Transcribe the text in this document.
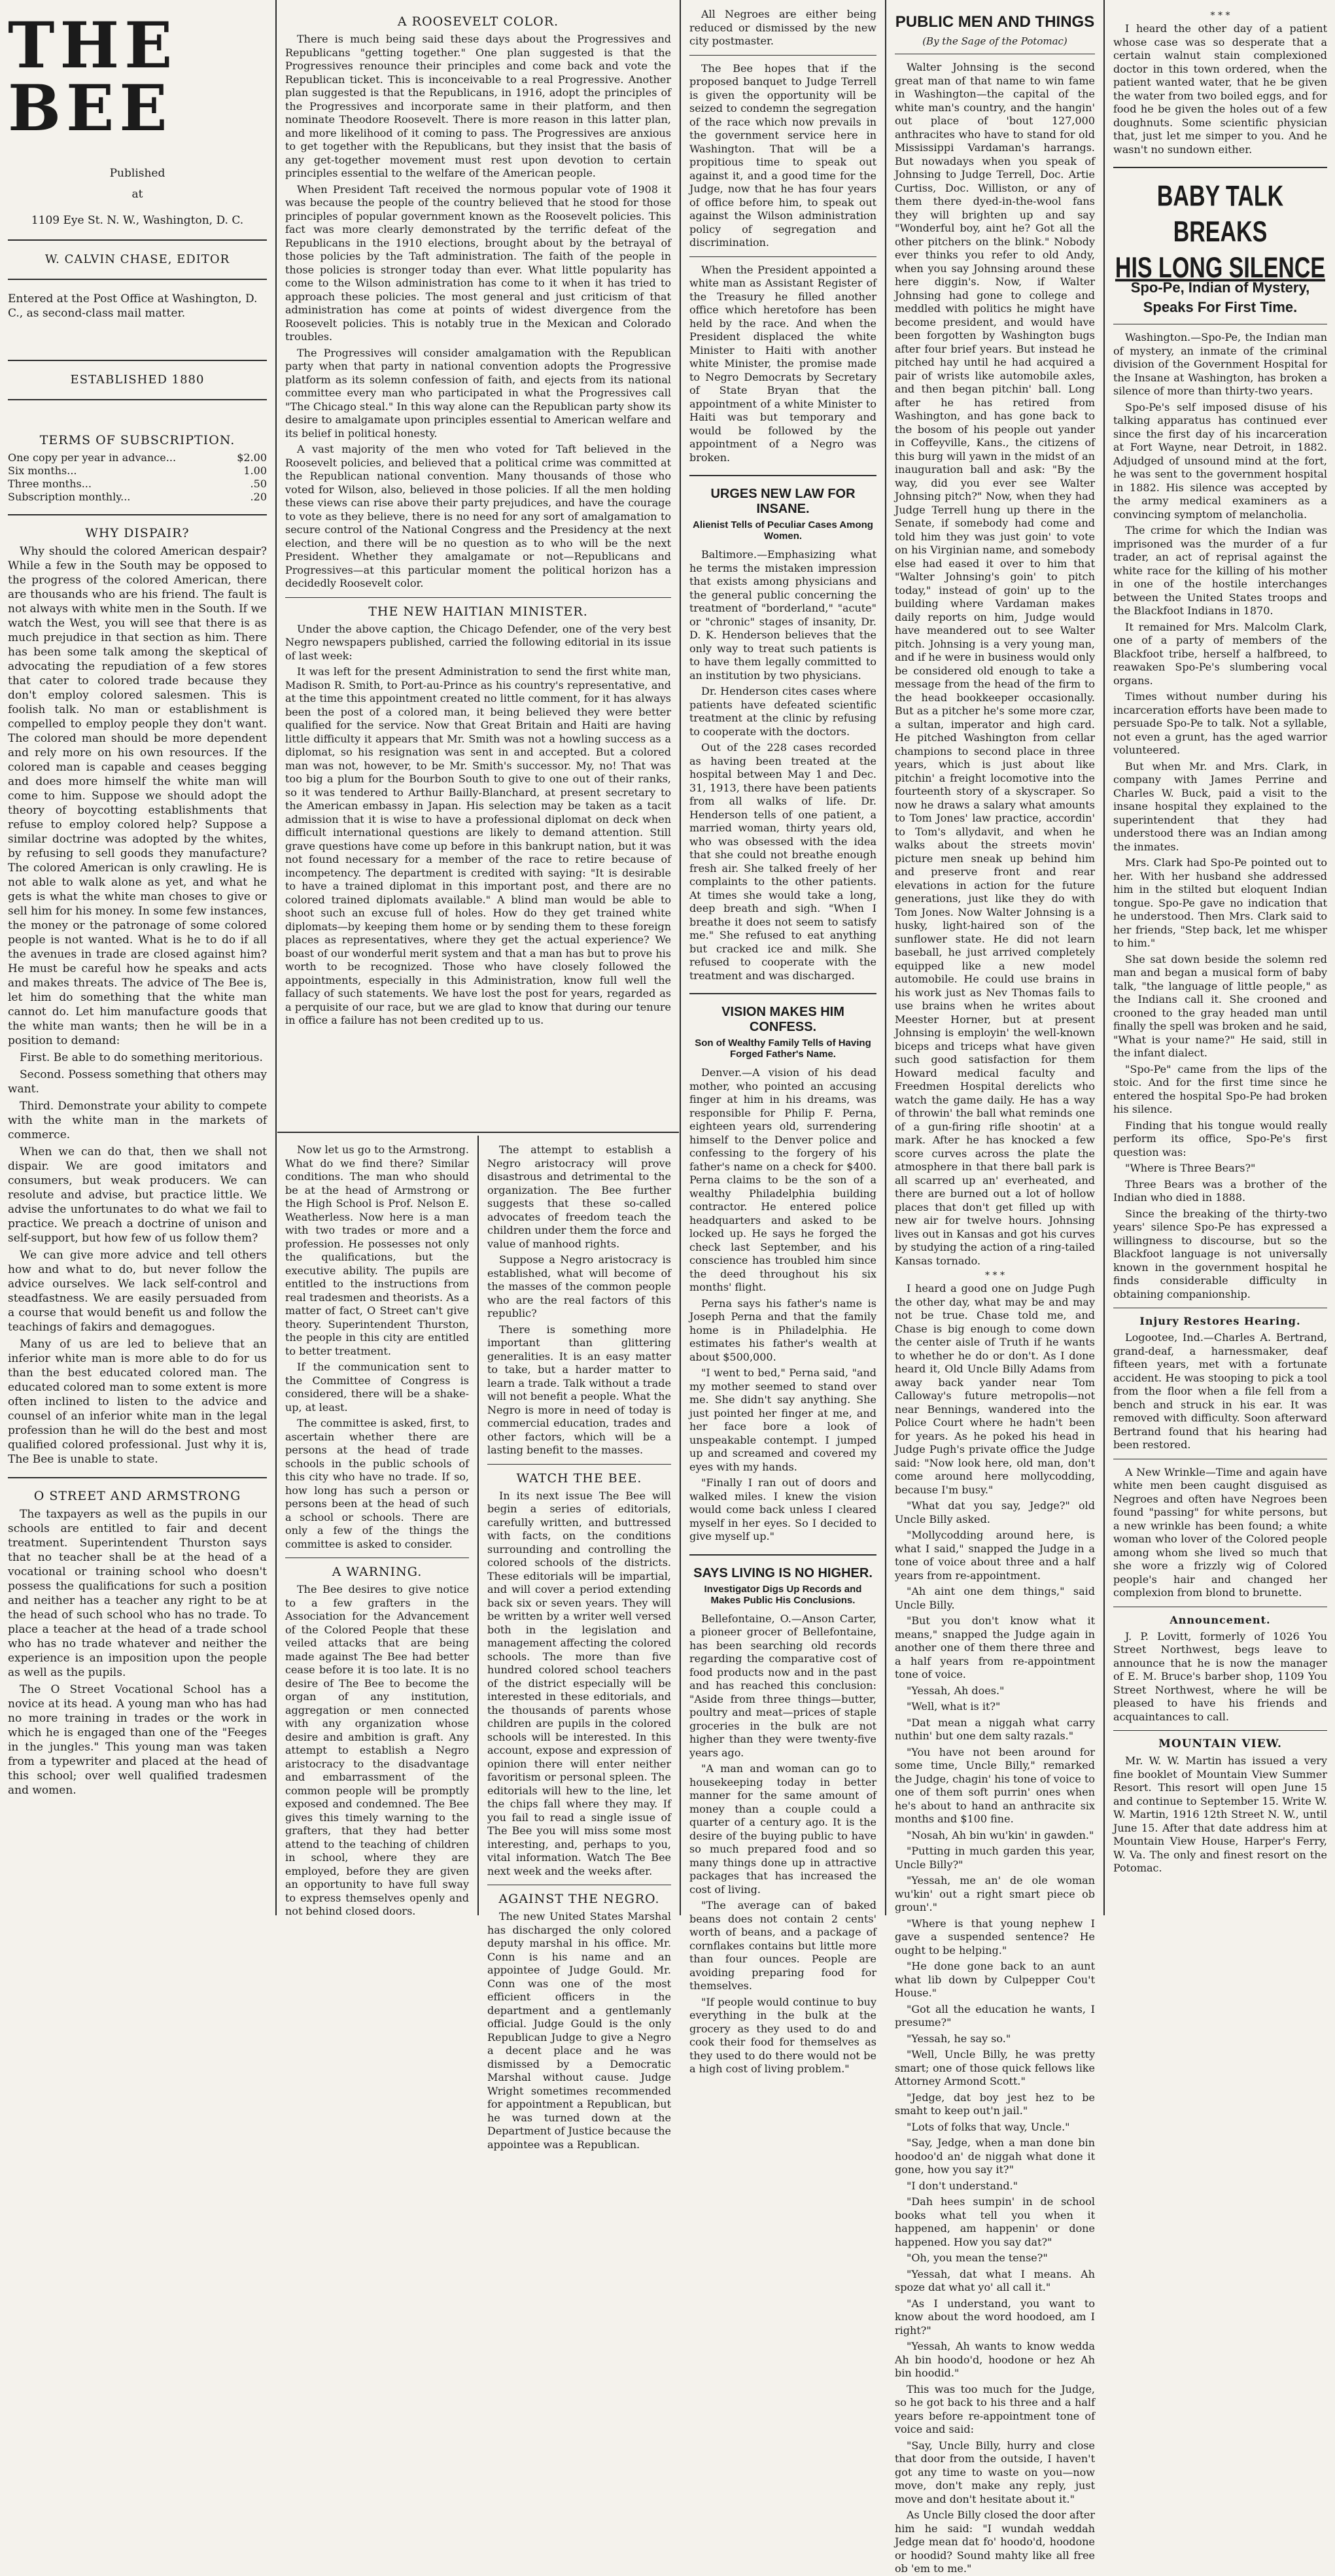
THE BEE
Published
at
1109 Eye St. N. W., Washington, D. C.
W. CALVIN CHASE, EDITOR
Entered at the Post Office at Washington, D. C., as second-class mail matter.
ESTABLISHED 1880
TERMS OF SUBSCRIPTION.
One copy per year in advance...	$2.00
Six months...	1.00
Three months...	.50
Subscription monthly...	.20
WHY DISPAIR?

Why should the colored American despair? While a few in the South may be opposed to the progress of the colored American, there are thousands who are his friend. The fault is not always with white men in the South. If we watch the West, you will see that there is as much prejudice in that section as him. There has been some talk among the skeptical of advocating the repudiation of a few stores that cater to colored trade because they don't employ colored salesmen. This is foolish talk. No man or establishment is compelled to employ people they don't want. The colored man should be more dependent and rely more on his own resources. If the colored man is capable and ceases begging and does more himself the white man will come to him. Suppose we should adopt the theory of boycotting establishments that refuse to employ colored help? Suppose a similar doctrine was adopted by the whites, by refusing to sell goods they manufacture? The colored American is only crawling. He is not able to walk alone as yet, and what he gets is what the white man choses to give or sell him for his money. In some few instances, the money or the patronage of some colored people is not wanted. What is he to do if all the avenues in trade are closed against him? He must be careful how he speaks and acts and makes threats. The advice of The Bee is, let him do something that the white man cannot do. Let him manufacture goods that the white man wants; then he will be in a position to demand:

First. Be able to do something meritorious.

Second. Possess something that others may want.

Third. Demonstrate your ability to compete with the white man in the markets of commerce.

When we can do that, then we shall not dispair. We are good imitators and consumers, but weak producers. We can resolute and advise, but practice little. We advise the unfortunates to do what we fail to practice. We preach a doctrine of unison and self-support, but how few of us follow them?

We can give more advice and tell others how and what to do, but never follow the advice ourselves. We lack self-control and steadfastness. We are easily persuaded from a course that would benefit us and follow the teachings of fakirs and demagogues.

Many of us are led to believe that an inferior white man is more able to do for us than the best educated colored man. The educated colored man to some extent is more often inclined to listen to the advice and counsel of an inferior white man in the legal profession than he will do the best and most qualified colored professional. Just why it is, The Bee is unable to state.

O STREET AND ARMSTRONG

The taxpayers as well as the pupils in our schools are entitled to fair and decent treatment. Superintendent Thurston says that no teacher shall be at the head of a vocational or training school who doesn't possess the qualifications for such a position and neither has a teacher any right to be at the head of such school who has no trade. To place a teacher at the head of a trade school who has no trade whatever and neither the experience is an imposition upon the people as well as the pupils.

The O Street Vocational School has a novice at its head. A young man who has had no more training in trades or the work in which he is engaged than one of the "Feeges in the jungles." This young man was taken from a typewriter and placed at the head of this school; over well qualified tradesmen and women.

A ROOSEVELT COLOR.

There is much being said these days about the Progressives and Republicans "getting together." One plan suggested is that the Progressives renounce their principles and come back and vote the Republican ticket. This is inconceivable to a real Progressive. Another plan suggested is that the Republicans, in 1916, adopt the principles of the Progressives and incorporate same in their platform, and then nominate Theodore Roosevelt. There is more reason in this latter plan, and more likelihood of it coming to pass. The Progressives are anxious to get together with the Republicans, but they insist that the basis of any get-together movement must rest upon devotion to certain principles essential to the welfare of the American people.

When President Taft received the normous popular vote of 1908 it was because the people of the country believed that he stood for those principles of popular government known as the Roosevelt policies. This fact was more clearly demonstrated by the terrific defeat of the Republicans in the 1910 elections, brought about by the betrayal of those policies by the Taft administration. The faith of the people in those policies is stronger today than ever. What little popularity has come to the Wilson administration has come to it when it has tried to approach these policies. The most general and just criticism of that administration has come at points of widest divergence from the Roosevelt policies. This is notably true in the Mexican and Colorado troubles.

The Progressives will consider amalgamation with the Republican party when that party in national convention adopts the Progressive platform as its solemn confession of faith, and ejects from its national committee every man who participated in what the Progressives call "The Chicago steal." In this way alone can the Republican party show its desire to amalgamate upon principles essential to American welfare and its belief in political honesty.

A vast majority of the men who voted for Taft believed in the Roosevelt policies, and believed that a political crime was committed at the Republican national convention. Many thousands of those who voted for Wilson, also, believed in those policies. If all the men holding these views can rise above their party prejudices, and have the courage to vote as they believe, there is no need for any sort of amalgamation to secure control of the National Congress and the Presidency at the next election, and there will be no question as to who will be the next President. Whether they amalgamate or not—Republicans and Progressives—at this particular moment the political horizon has a decidedly Roosevelt color.

THE NEW HAITIAN MINISTER.

Under the above caption, the Chicago Defender, one of the very best Negro newspapers published, carried the following editorial in its issue of last week:

It was left for the present Administration to send the first white man, Madison R. Smith, to Port-au-Prince as his country's representative, and at the time this appointment created no little comment, for it has always been the post of a colored man, it being believed they were better qualified for the service. Now that Great Britain and Haiti are having little difficulty it appears that Mr. Smith was not a howling success as a diplomat, so his resignation was sent in and accepted. But a colored man was not, however, to be Mr. Smith's successor. My, no! That was too big a plum for the Bourbon South to give to one out of their ranks, so it was tendered to Arthur Bailly-Blanchard, at present secretary to the American embassy in Japan. His selection may be taken as a tacit admission that it is wise to have a professional diplomat on deck when difficult international questions are likely to demand attention. Still grave questions have come up before in this bankrupt nation, but it was not found necessary for a member of the race to retire because of incompetency. The department is credited with saying: "It is desirable to have a trained diplomat in this important post, and there are no colored trained diplomats available." A blind man would be able to shoot such an excuse full of holes. How do they get trained white diplomats—by keeping them home or by sending them to these foreign places as representatives, where they get the actual experience? We boast of our wonderful merit system and that a man has but to prove his worth to be recognized. Those who have closely followed the appointments, especially in this Administration, know full well the fallacy of such statements. We have lost the post for years, regarded as a perquisite of our race, but we are glad to know that during our tenure in office a failure has not been credited up to us.

Now let us go to the Armstrong. What do we find there? Similar conditions. The man who should be at the head of Armstrong or the High School is Prof. Nelson E. Weatherless. Now here is a man with two trades or more and a profession. He possesses not only the qualifications, but the executive ability. The pupils are entitled to the instructions from real tradesmen and theorists. As a matter of fact, O Street can't give theory. Superintendent Thurston, the people in this city are entitled to better treatment.

If the communication sent to the Committee of Congress is considered, there will be a shake-up, at least.

The committee is asked, first, to ascertain whether there are persons at the head of trade schools in the public schools of this city who have no trade. If so, how long has such a person or persons been at the head of such a school or schools. There are only a few of the things the committee is asked to consider.

A WARNING.

The Bee desires to give notice to a few grafters in the Association for the Advancement of the Colored People that these veiled attacks that are being made against The Bee had better cease before it is too late. It is no desire of The Bee to become the organ of any institution, aggregation or men connected with any organization whose desire and ambition is graft. Any attempt to establish a Negro aristocracy to the disadvantage and embarrassment of the common people will be promptly exposed and condemned. The Bee gives this timely warning to the grafters, that they had better attend to the teaching of children in school, where they are employed, before they are given an opportunity to have full sway to express themselves openly and not behind closed doors.

The attempt to establish a Negro aristocracy will prove disastrous and detrimental to the organization. The Bee further suggests that these so-called advocates of freedom teach the children under them the force and value of manhood rights.

Suppose a Negro aristocracy is established, what will become of the masses of the common people who are the real factors of this republic?

There is something more important than glittering generalities. It is an easy matter to take, but a harder matter to learn a trade. Talk without a trade will not benefit a people. What the Negro is more in need of today is commercial education, trades and other factors, which will be a lasting benefit to the masses.

WATCH THE BEE.

In its next issue The Bee will begin a series of editorials, carefully written, and buttressed with facts, on the conditions surrounding and controlling the colored schools of the districts. These editorials will be impartial, and will cover a period extending back six or seven years. They will be written by a writer well versed both in the legislation and management affecting the colored schools. The more than five hundred colored school teachers of the district especially will be interested in these editorials, and the thousands of parents whose children are pupils in the colored schools will be interested. In this account, expose and expression of opinion there will enter neither favoritism or personal spleen. The editorials will hew to the line, let the chips fall where they may. If you fail to read a single issue of The Bee you will miss some most interesting, and, perhaps to you, vital information. Watch The Bee next week and the weeks after.

AGAINST THE NEGRO.

The new United States Marshal has discharged the only colored deputy marshal in his office. Mr. Conn is his name and an appointee of Judge Gould. Mr. Conn was one of the most efficient officers in the department and a gentlemanly official. Judge Gould is the only Republican Judge to give a Negro a decent place and he was dismissed by a Democratic Marshal without cause. Judge Wright sometimes recommended for appointment a Republican, but he was turned down at the Department of Justice because the appointee was a Republican.

All Negroes are either being reduced or dismissed by the new city postmaster.

The Bee hopes that if the proposed banquet to Judge Terrell is given the opportunity will be seized to condemn the segregation of the race which now prevails in the government service here in Washington. That will be a propitious time to speak out against it, and a good time for the Judge, now that he has four years of office before him, to speak out against the Wilson administration policy of segregation and discrimination.

When the President appointed a white man as Assistant Register of the Treasury he filled another office which heretofore has been held by the race. And when the President displaced the white Minister to Haiti with another white Minister, the promise made to Negro Democrats by Secretary of State Bryan that the appointment of a white Minister to Haiti was but temporary and would be followed by the appointment of a Negro was broken.

URGES NEW LAW FOR INSANE.
Alienist Tells of Peculiar Cases Among Women.

Baltimore.—Emphasizing what he terms the mistaken impression that exists among physicians and the general public concerning the treatment of "borderland," "acute" or "chronic" stages of insanity, Dr. D. K. Henderson believes that the only way to treat such patients is to have them legally committed to an institution by two physicians.

Dr. Henderson cites cases where patients have defeated scientific treatment at the clinic by refusing to cooperate with the doctors.

Out of the 228 cases recorded as having been treated at the hospital between May 1 and Dec. 31, 1913, there have been patients from all walks of life. Dr. Henderson tells of one patient, a married woman, thirty years old, who was obsessed with the idea that she could not breathe enough fresh air. She talked freely of her complaints to the other patients. At times she would take a long, deep breath and sigh. "When I breathe it does not seem to satisfy me." She refused to eat anything but cracked ice and milk. She refused to cooperate with the treatment and was discharged.

VISION MAKES HIM CONFESS.
Son of Wealthy Family Tells of Having Forged Father's Name.

Denver.—A vision of his dead mother, who pointed an accusing finger at him in his dreams, was responsible for Philip F. Perna, eighteen years old, surrendering himself to the Denver police and confessing to the forgery of his father's name on a check for $400. Perna claims to be the son of a wealthy Philadelphia building contractor. He entered police headquarters and asked to be locked up. He says he forged the check last September, and his conscience has troubled him since the deed throughout his six months' flight.

Perna says his father's name is Joseph Perna and that the family home is in Philadelphia. He estimates his father's wealth at about $500,000.

"I went to bed," Perna said, "and my mother seemed to stand over me. She didn't say anything. She just pointed her finger at me, and her face bore a look of unspeakable contempt. I jumped up and screamed and covered my eyes with my hands.

"Finally I ran out of doors and walked miles. I knew the vision would come back unless I cleared myself in her eyes. So I decided to give myself up."

SAYS LIVING IS NO HIGHER.
Investigator Digs Up Records and Makes Public His Conclusions.

Bellefontaine, O.—Anson Carter, a pioneer grocer of Bellefontaine, has been searching old records regarding the comparative cost of food products now and in the past and has reached this conclusion: "Aside from three things—butter, poultry and meat—prices of staple groceries in the bulk are not higher than they were twenty-five years ago.

"A man and woman can go to housekeeping today in better manner for the same amount of money than a couple could a quarter of a century ago. It is the desire of the buying public to have so much prepared food and so many things done up in attractive packages that has increased the cost of living.

"The average can of baked beans does not contain 2 cents' worth of beans, and a package of cornflakes contains but little more than four ounces. People are avoiding preparing food for themselves.

"If people would continue to buy everything in the bulk at the grocery as they used to do and cook their food for themselves as they used to do there would not be a high cost of living problem."

PUBLIC MEN AND THINGS
(By the Sage of the Potomac)

Walter Johnsing is the second great man of that name to win fame in Washington—the capital of the white man's country, and the hangin' out place of 'bout 127,000 anthracites who have to stand for old Mississippi Vardaman's harrangs. But nowadays when you speak of Johnsing to Judge Terrell, Doc. Artie Curtiss, Doc. Williston, or any of them there dyed-in-the-wool fans they will brighten up and say "Wonderful boy, aint he? Got all the other pitchers on the blink." Nobody ever thinks you refer to old Andy, when you say Johnsing around these here diggin's. Now, if Walter Johnsing had gone to college and meddled with politics he might have become president, and would have been forgotten by Washington bugs after four brief years. But instead he pitched hay until he had acquired a pair of wrists like automobile axles, and then began pitchin' ball. Long after he has retired from Washington, and has gone back to the bosom of his people out yander in Coffeyville, Kans., the citizens of this burg will yawn in the midst of an inauguration ball and ask: "By the way, did you ever see Walter Johnsing pitch?" Now, when they had Judge Terrell hung up there in the Senate, if somebody had come and told him they was just goin' to vote on his Virginian name, and somebody else had eased it over to him that "Walter Johnsing's goin' to pitch today," instead of goin' up to the building where Vardaman makes daily reports on him, Judge would have meandered out to see Walter pitch. Johnsing is a very young man, and if he were in business would only be considered old enough to take a message from the head of the firm to the head bookkeeper occasionally. But as a pitcher he's some more czar, a sultan, imperator and high card. He pitched Washington from cellar champions to second place in three years, which is just about like pitchin' a freight locomotive into the fourteenth story of a skyscraper. So now he draws a salary what amounts to Tom Jones' law practice, accordin' to Tom's allydavit, and when he walks about the streets movin' picture men sneak up behind him and preserve front and rear elevations in action for the future generations, just like they do with Tom Jones. Now Walter Johnsing is a husky, light-haired son of the sunflower state. He did not learn baseball, he just arrived completely equipped like a new model automobile. He could use brains in his work just as Nev Thomas fails to use brains when he writes about Meester Horner, but at present Johnsing is employin' the well-known biceps and triceps what have given such good satisfaction for them Howard medical faculty and Freedmen Hospital derelicts who watch the game daily. He has a way of throwin' the ball what reminds one of a gun-firing rifle shootin' at a mark. After he has knocked a few score curves across the plate the atmosphere in that there ball park is all scarred up an' everheated, and there are burned out a lot of hollow places that don't get filled up with new air for twelve hours. Johnsing lives out in Kansas and got his curves by studying the action of a ring-tailed Kansas tornado.

* * *

I heard a good one on Judge Pugh the other day, what may be and may not be true. Chase told me, and Chase is big enough to come down the center aisle of Truth if he wants to whether he do or don't. As I done heard it, Old Uncle Billy Adams from away back yander near Tom Calloway's future metropolis—not near Bennings, wandered into the Police Court where he hadn't been for years. As he poked his head in Judge Pugh's private office the Judge said: "Now look here, old man, don't come around here mollycodding, because I'm busy."

"What dat you say, Jedge?" old Uncle Billy asked.

"Mollycodding around here, is what I said," snapped the Judge in a tone of voice about three and a half years from re-appointment.

"Ah aint one dem things," said Uncle Billy.

"But you don't know what it means," snapped the Judge again in another one of them there three and a half years from re-appointment tone of voice.

"Yessah, Ah does."

"Well, what is it?"

"Dat mean a niggah what carry nuthin' but one dem salty razals."

"You have not been around for some time, Uncle Billy," remarked the Judge, chagin' his tone of voice to one of them soft purrin' ones when he's about to hand an anthracite six months and $100 fine.

"Nosah, Ah bin wu'kin' in gawden."

"Putting in much garden this year, Uncle Billy?"

"Yessah, me an' de ole woman wu'kin' out a right smart piece ob groun'."

"Where is that young nephew I gave a suspended sentence? He ought to be helping."

"He done gone back to an aunt what lib down by Culpepper Cou't House."

"Got all the education he wants, I presume?"

"Yessah, he say so."

"Well, Uncle Billy, he was pretty smart; one of those quick fellows like Attorney Armond Scott."

"Jedge, dat boy jest hez to be smaht to keep out'n jail."

"Lots of folks that way, Uncle."

"Say, Jedge, when a man done bin hoodoo'd an' de niggah what done it gone, how you say it?"

"I don't understand."

"Dah hees sumpin' in de school books what tell you when it happened, am happenin' or done happened. How you say dat?"

"Oh, you mean the tense?"

"Yessah, dat what I means. Ah spoze dat what yo' all call it."

"As I understand, you want to know about the word hoodoed, am I right?"

"Yessah, Ah wants to know wedda Ah bin hoodo'd, hoodone or hez Ah bin hoodid."

This was too much for the Judge, so he got back to his three and a half years before re-appointment tone of voice and said:

"Say, Uncle Billy, hurry and close that door from the outside, I haven't got any time to waste on you—now move, don't make any reply, just move and don't hesitate about it."

As Uncle Billy closed the door after him he said: "I wundah weddah Jedge mean dat fo' hoodo'd, hoodone or hoodid? Sound mahty like all free ob 'em to me."

* * *

I heard the other day of a patient whose case was so desperate that a certain walnut stain complexioned doctor in this town ordered, when the patient wanted water, that he be given the water from two boiled eggs, and for food he be given the holes out of a few doughnuts. Some scientific physician that, just let me simper to you. And he wasn't no sundown either.

BABY TALK BREAKS
HIS LONG SILENCE
Spo-Pe, Indian of Mystery, Speaks For First Time.

Washington.—Spo-Pe, the Indian man of mystery, an inmate of the criminal division of the Government Hospital for the Insane at Washington, has broken a silence of more than thirty-two years.

Spo-Pe's self imposed disuse of his talking apparatus has continued ever since the first day of his incarceration at Fort Wayne, near Detroit, in 1882. Adjudged of unsound mind at the fort, he was sent to the government hospital in 1882. His silence was accepted by the army medical examiners as a convincing symptom of melancholia.

The crime for which the Indian was imprisoned was the murder of a fur trader, an act of reprisal against the white race for the killing of his mother in one of the hostile interchanges between the United States troops and the Blackfoot Indians in 1870.

It remained for Mrs. Malcolm Clark, one of a party of members of the Blackfoot tribe, herself a halfbreed, to reawaken Spo-Pe's slumbering vocal organs.

Times without number during his incarceration efforts have been made to persuade Spo-Pe to talk. Not a syllable, not even a grunt, has the aged warrior volunteered.

But when Mr. and Mrs. Clark, in company with James Perrine and Charles W. Buck, paid a visit to the insane hospital they explained to the superintendent that they had understood there was an Indian among the inmates.

Mrs. Clark had Spo-Pe pointed out to her. With her husband she addressed him in the stilted but eloquent Indian tongue. Spo-Pe gave no indication that he understood. Then Mrs. Clark said to her friends, "Step back, let me whisper to him."

She sat down beside the solemn red man and began a musical form of baby talk, "the language of little people," as the Indians call it. She crooned and crooned to the gray headed man until finally the spell was broken and he said, "What is your name?" He said, still in the infant dialect.

"Spo-Pe" came from the lips of the stoic. And for the first time since he entered the hospital Spo-Pe had broken his silence.

Finding that his tongue would really perform its office, Spo-Pe's first question was:

"Where is Three Bears?"

Three Bears was a brother of the Indian who died in 1888.

Since the breaking of the thirty-two years' silence Spo-Pe has expressed a willingness to discourse, but so the Blackfoot language is not universally known in the government hospital he finds considerable difficulty in obtaining companionship.

Injury Restores Hearing.

Logootee, Ind.—Charles A. Bertrand, grand-deaf, a harnessmaker, deaf fifteen years, met with a fortunate accident. He was stooping to pick a tool from the floor when a file fell from a bench and struck in his ear. It was removed with difficulty. Soon afterward Bertrand found that his hearing had been restored.

A New Wrinkle—Time and again have white men been caught disguised as Negroes and often have Negroes been found "passing" for white persons, but a new wrinkle has been found; a white woman who lover of the Colored people among whom she lived so much that she wore a frizzly wig of Colored people's hair and changed her complexion from blond to brunette.

Announcement.

J. P. Lovitt, formerly of 1026 You Street Northwest, begs leave to announce that he is now the manager of E. M. Bruce's barber shop, 1109 You Street Northwest, where he will be pleased to have his friends and acquaintances to call.

MOUNTAIN VIEW.

Mr. W. W. Martin has issued a very fine booklet of Mountain View Summer Resort. This resort will open June 15 and continue to September 15. Write W. W. Martin, 1916 12th Street N. W., until June 15. After that date address him at Mountain View House, Harper's Ferry, W. Va. The only and finest resort on the Potomac.
